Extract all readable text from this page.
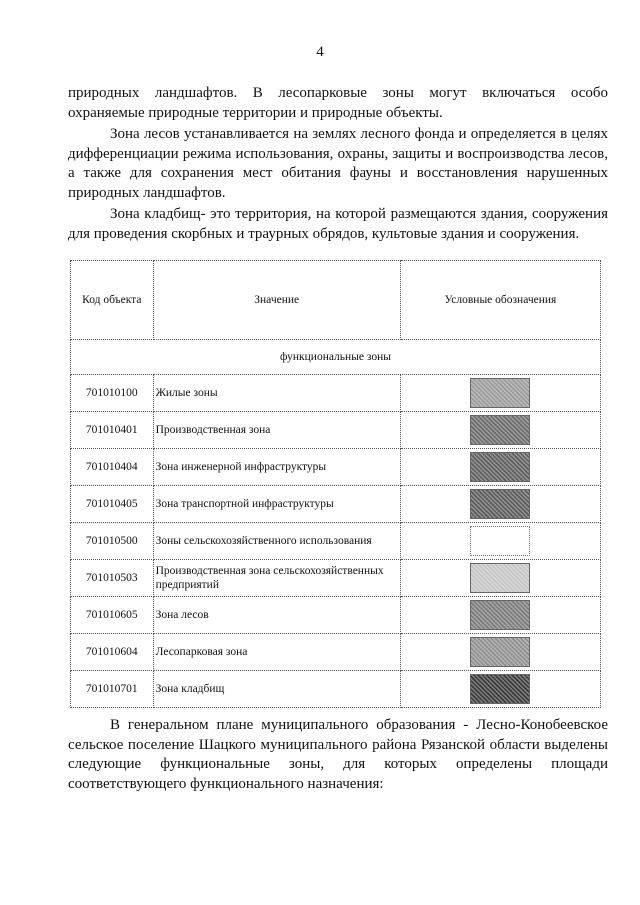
4
природных ландшафтов. В лесопарковые зоны могут включаться особо
охраняемые природные территории и природные объекты.
Зона лесов устанавливается на землях лесного фонда и определяется в целях
дифференциации режима использования, охраны, защиты и воспроизводства лесов,
а также для сохранения мест обитания фауны и восстановления нарушенных
природных ландшафтов.
Зона кладбищ- это территория, на которой размещаются здания, сооружения
для проведения скорбных и траурных обрядов, культовые здания и сооружения.
Код объекта	Значение	Условные обозначения
функциональные зоны		
701010100	Жилые зоны	
701010401	Производственная зона	
701010404	Зона инженерной инфраструктуры	
701010405	Зона транспортной инфраструктуры	
701010500	Зоны сельскохозяйственного использования	
701010503	Производственная зона сельскохозяйственных предприятий	
701010605	Зона лесов	
701010604	Лесопарковая зона	
701010701	Зона кладбищ	
В генеральном плане муниципального образования - Лесно-Конобеевское
сельское поселение Шацкого муниципального района Рязанской области выделены
следующие функциональные зоны, для которых определены площади
соответствующего функционального назначения:
